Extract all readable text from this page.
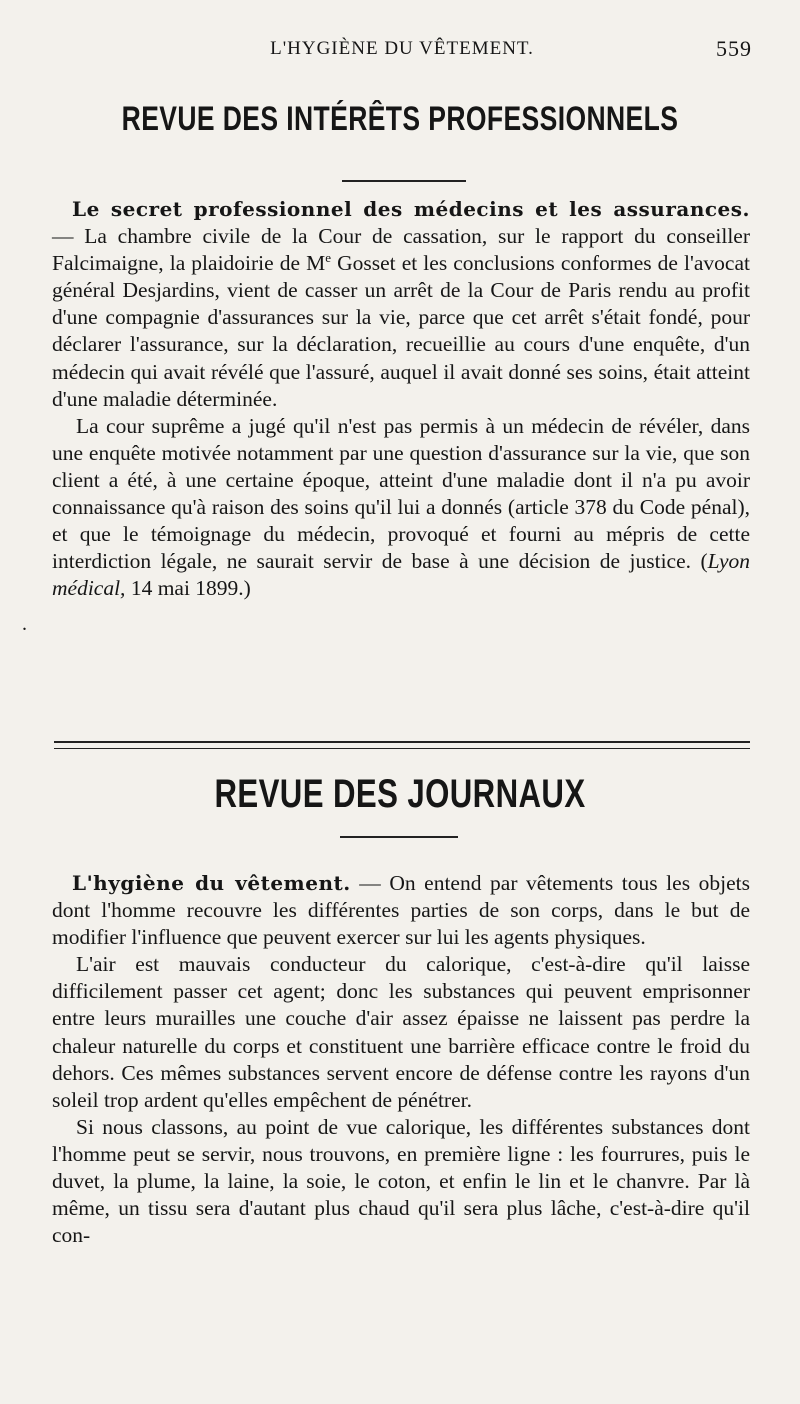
L'HYGIÈNE DU VÊTEMENT.	559
REVUE DES INTÉRÊTS PROFESSIONNELS

Le secret professionnel des médecins et les assurances. — La chambre civile de la Cour de cassation, sur le rapport du conseiller Falcimaigne, la plaidoirie de Me Gosset et les conclusions conformes de l'avocat général Desjardins, vient de casser un arrêt de la Cour de Paris rendu au profit d'une compagnie d'assurances sur la vie, parce que cet arrêt s'était fondé, pour déclarer l'assurance, sur la déclaration, recueillie au cours d'une enquête, d'un médecin qui avait révélé que l'assuré, auquel il avait donné ses soins, était atteint d'une maladie déterminée.

La cour suprême a jugé qu'il n'est pas permis à un médecin de révéler, dans une enquête motivée notamment par une question d'assurance sur la vie, que son client a été, à une certaine époque, atteint d'une maladie dont il n'a pu avoir connaissance qu'à raison des soins qu'il lui a donnés (article 378 du Code pénal), et que le témoignage du médecin, provoqué et fourni au mépris de cette interdiction légale, ne saurait servir de base à une décision de justice. (Lyon médical, 14 mai 1899.)

.
REVUE DES JOURNAUX

L'hygiène du vêtement. — On entend par vêtements tous les objets dont l'homme recouvre les différentes parties de son corps, dans le but de modifier l'influence que peuvent exercer sur lui les agents physiques.

L'air est mauvais conducteur du calorique, c'est-à-dire qu'il laisse difficilement passer cet agent; donc les substances qui peuvent emprisonner entre leurs murailles une couche d'air assez épaisse ne laissent pas perdre la chaleur naturelle du corps et constituent une barrière efficace contre le froid du dehors. Ces mêmes substances servent encore de défense contre les rayons d'un soleil trop ardent qu'elles empêchent de pénétrer.

Si nous classons, au point de vue calorique, les différentes substances dont l'homme peut se servir, nous trouvons, en première ligne : les fourrures, puis le duvet, la plume, la laine, la soie, le coton, et enfin le lin et le chanvre. Par là même, un tissu sera d'autant plus chaud qu'il sera plus lâche, c'est-à-dire qu'il con-
